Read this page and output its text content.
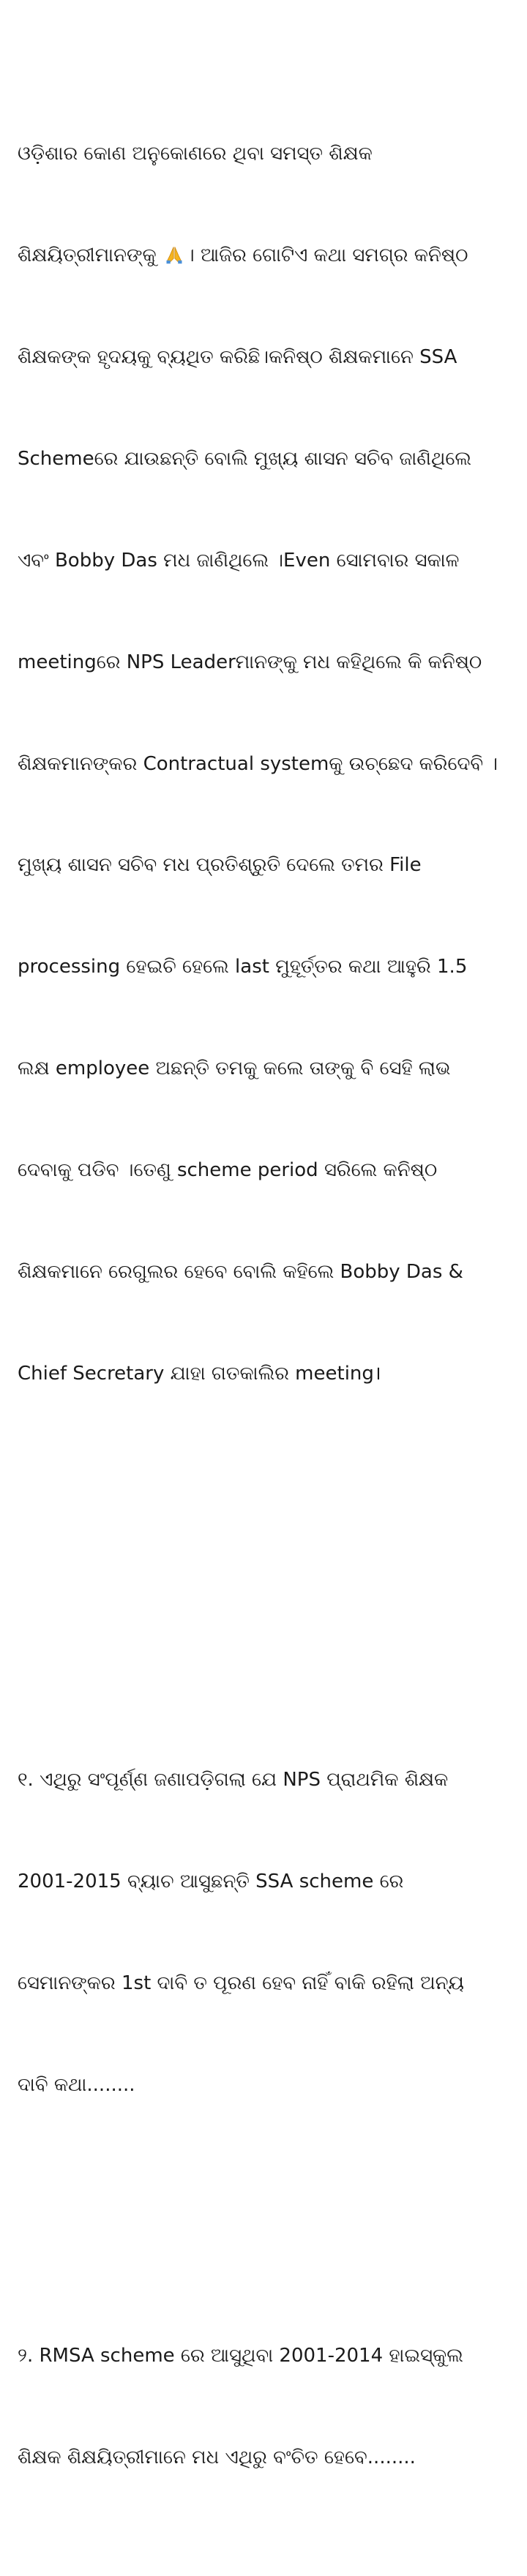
ଓଡ଼ିଶାର କୋଣ ଅନୁକୋଣରେ ଥିବା ସମସ୍ତ ଶିକ୍ଷକ

ଶିକ୍ଷୟିତ୍ରୀମାନଙ୍କୁ । ଆଜିର ଗୋଟିଏ କଥା ସମଗ୍ର କନିଷ୍ଠ

ଶିକ୍ଷକଙ୍କ ହୃଦୟକୁ ବ୍ୟଥିତ କରିଛି।କନିଷ୍ଠ ଶିକ୍ଷକମାନେ SSA

Schemeରେ ଯାଉଛନ୍ତି ବୋଲି ମୁଖ୍ୟ ଶାସନ ସଚିବ ଜାଣିଥିଲେ

ଏବଂ Bobby Das ମଧ ଜାଣିଥିଲେ ।Even ସୋମବାର ସକାଳ

meetingରେ NPS Leaderମାନଙ୍କୁ ମଧ କହିଥିଲେ କି କନିଷ୍ଠ

ଶିକ୍ଷକମାନଙ୍କର Contractual systemକୁ ଉଚ୍ଛେଦ କରିଦେବି ।

ମୁଖ୍ୟ ଶାସନ ସଚିବ ମଧ ପ୍ରତିଶ୍ରୁତି ଦେଲେ ତମର File

processing ହେଇଚି ହେଲେ last ମୁହୂର୍ତ୍ତର କଥା ଆହୁରି 1.5

ଲକ୍ଷ employee ଅଛନ୍ତି ତମକୁ କଲେ ତାଙ୍କୁ ବି ସେହି ଲାଭ

ଦେବାକୁ ପଡିବ ।ତେଣୁ scheme period ସରିଲେ କନିଷ୍ଠ

ଶିକ୍ଷକମାନେ ରେଗୁଲର ହେବେ ବୋଲି କହିଲେ Bobby Das &

Chief Secretary ଯାହା ଗତକାଲିର meeting।

୧. ଏଥିରୁ ସଂପୂର୍ଣ୍ଣ ଜଣାପଡ଼ିଗଲା ଯେ NPS ପ୍ରାଥମିକ ଶିକ୍ଷକ

2001-2015 ବ୍ୟାଚ ଆସୁଛନ୍ତି SSA scheme ରେ

ସେମାନଙ୍କର 1st ଦାବି ତ ପୂରଣ ହେବ ନାହିଁ ବାକି ରହିଲା ଅନ୍ୟ

ଦାବି କଥା........

୨. RMSA scheme ରେ ଆସୁଥିବା 2001-2014 ହାଇସ୍କୁଲ

ଶିକ୍ଷକ ଶିକ୍ଷୟିତ୍ରୀମାନେ ମଧ ଏଥିରୁ ବଂଚିତ ହେବେ........
